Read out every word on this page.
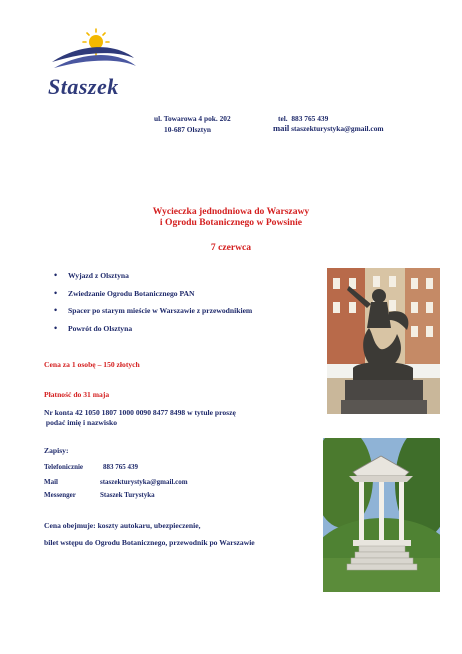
Staszek
ul. Towarowa 4 pok. 202
10-687 Olsztyn
tel. 883 765 439
mail staszekturystyka@gmail.com
Wycieczka jednodniowa do Warszawy
i Ogrodu Botanicznego w Powsinie
7 czerwca
• Wyjazd z Olsztyna
• Zwiedzanie Ogrodu Botanicznego PAN
• Spacer po starym mieście w Warszawie z przewodnikiem
• Powrót do Olsztyna
Cena za 1 osobę – 150 złotych
Płatność do 31 maja
Nr konta 42 1050 1807 1000 0090 8477 8498 w tytule proszę
podać imię i nazwisko
Zapisy:
Telefonicznie	883 765 439
Mail	staszekturystyka@gmail.com
Messenger	Staszek Turystyka
Cena obejmuje: koszty autokaru, ubezpieczenie,
bilet wstępu do Ogrodu Botanicznego, przewodnik po Warszawie
